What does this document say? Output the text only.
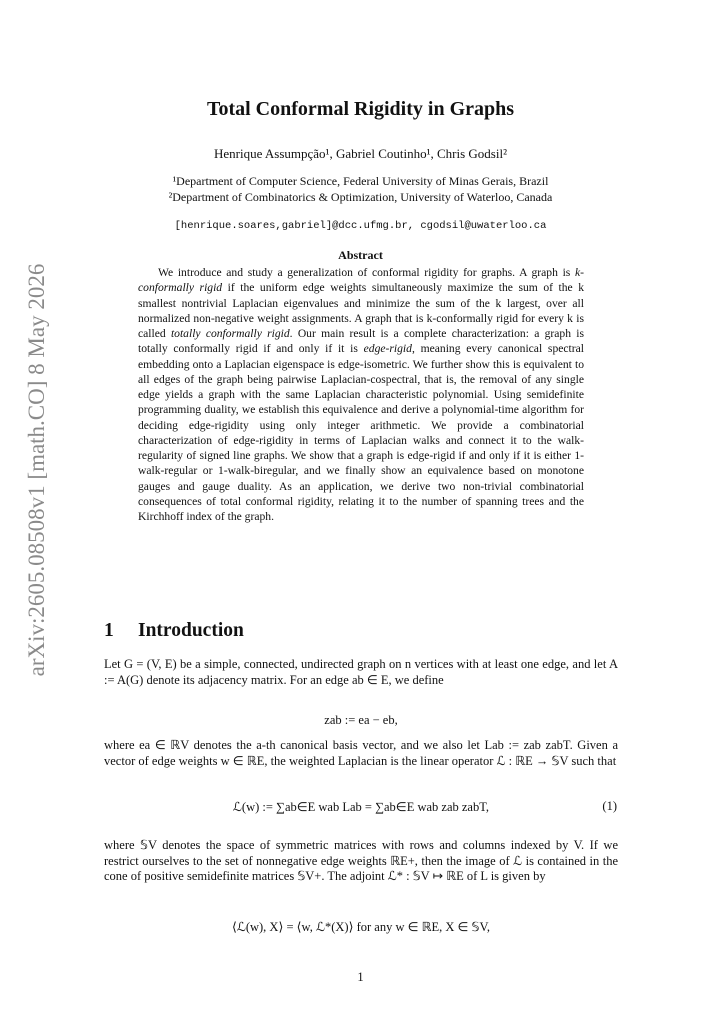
arXiv:2605.08508v1 [math.CO] 8 May 2026
Total Conformal Rigidity in Graphs
Henrique Assumpção¹, Gabriel Coutinho¹, Chris Godsil²
¹Department of Computer Science, Federal University of Minas Gerais, Brazil
²Department of Combinatorics & Optimization, University of Waterloo, Canada
[henrique.soares,gabriel]@dcc.ufmg.br, cgodsil@uwaterloo.ca
Abstract

We introduce and study a generalization of conformal rigidity for graphs. A graph is k-conformally rigid if the uniform edge weights simultaneously maximize the sum of the k smallest nontrivial Laplacian eigenvalues and minimize the sum of the k largest, over all normalized non-negative weight assignments. A graph that is k-conformally rigid for every k is called totally conformally rigid. Our main result is a complete characterization: a graph is totally conformally rigid if and only if it is edge-rigid, meaning every canonical spectral embedding onto a Laplacian eigenspace is edge-isometric. We further show this is equivalent to all edges of the graph being pairwise Laplacian-cospectral, that is, the removal of any single edge yields a graph with the same Laplacian characteristic polynomial. Using semidefinite programming duality, we establish this equivalence and derive a polynomial-time algorithm for deciding edge-rigidity using only integer arithmetic. We provide a combinatorial characterization of edge-rigidity in terms of Laplacian walks and connect it to the walk-regularity of signed line graphs. We show that a graph is edge-rigid if and only if it is either 1-walk-regular or 1-walk-biregular, and we finally show an equivalence based on monotone gauges and gauge duality. As an application, we derive two non-trivial combinatorial consequences of total conformal rigidity, relating it to the number of spanning trees and the Kirchhoff index of the graph.

1 Introduction

Let G = (V, E) be a simple, connected, undirected graph on n vertices with at least one edge, and let A := A(G) denote its adjacency matrix. For an edge ab ∈ E, we define

zab := ea − eb,

where ea ∈ ℝV denotes the a-th canonical basis vector, and we also let Lab := zab zabT. Given a vector of edge weights w ∈ ℝE, the weighted Laplacian is the linear operator ℒ : ℝE → 𝕊V such that

ℒ(w) := ∑ab∈E wab Lab = ∑ab∈E wab zab zabT,	(1)

where 𝕊V denotes the space of symmetric matrices with rows and columns indexed by V. If we restrict ourselves to the set of nonnegative edge weights ℝE+, then the image of ℒ is contained in the cone of positive semidefinite matrices 𝕊V+. The adjoint ℒ* : 𝕊V ↦ ℝE of L is given by

⟨ℒ(w), X⟩ = ⟨w, ℒ*(X)⟩ for any w ∈ ℝE, X ∈ 𝕊V,
1
